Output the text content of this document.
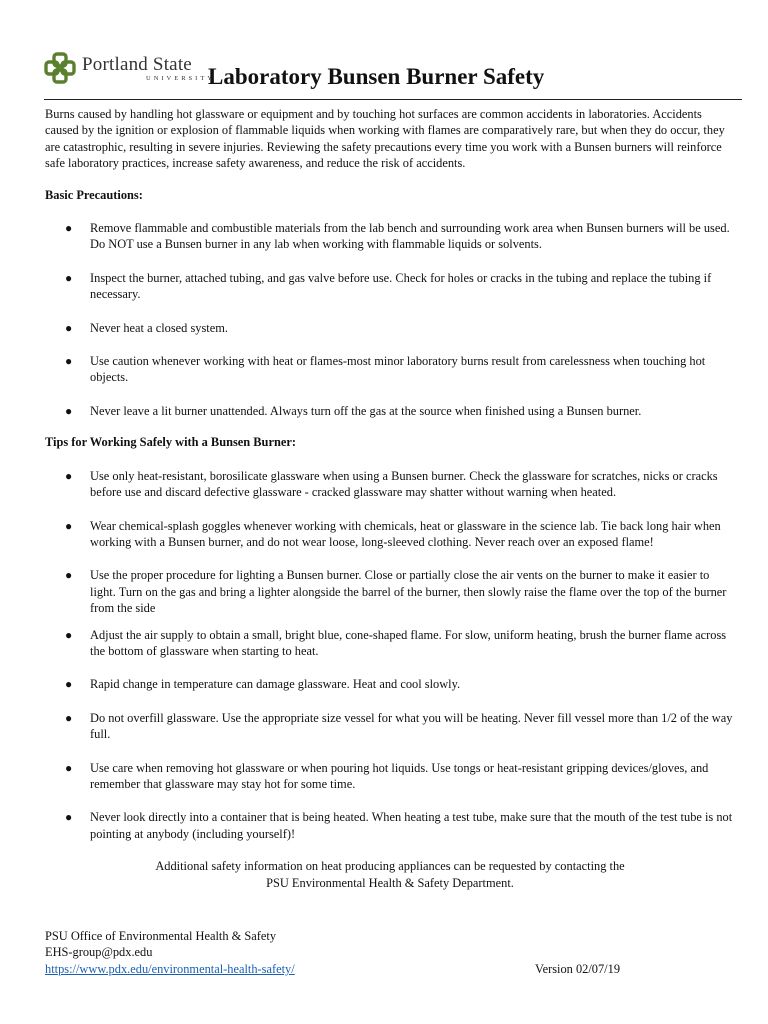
Portland State
UNIVERSITY
Laboratory Bunsen Burner Safety

Burns caused by handling hot glassware or equipment and by touching hot surfaces are common accidents in laboratories. Accidents caused by the ignition or explosion of flammable liquids when working with flames are comparatively rare, but when they do occur, they are catastrophic, resulting in severe injuries. Reviewing the safety precautions every time you work with a Bunsen burners will reinforce safe laboratory practices, increase safety awareness, and reduce the risk of accidents.

Basic Precautions:
● Remove flammable and combustible materials from the lab bench and surrounding work area when Bunsen burners will be used. Do NOT use a Bunsen burner in any lab when working with flammable liquids or solvents.
● Inspect the burner, attached tubing, and gas valve before use. Check for holes or cracks in the tubing and replace the tubing if necessary.
● Never heat a closed system.
● Use caution whenever working with heat or flames-most minor laboratory burns result from carelessness when touching hot objects.
● Never leave a lit burner unattended. Always turn off the gas at the source when finished using a Bunsen burner.
Tips for Working Safely with a Bunsen Burner:
● Use only heat-resistant, borosilicate glassware when using a Bunsen burner. Check the glassware for scratches, nicks or cracks before use and discard defective glassware - cracked glassware may shatter without warning when heated.
● Wear chemical-splash goggles whenever working with chemicals, heat or glassware in the science lab. Tie back long hair when working with a Bunsen burner, and do not wear loose, long-sleeved clothing. Never reach over an exposed flame!
● Use the proper procedure for lighting a Bunsen burner. Close or partially close the air vents on the burner to make it easier to light. Turn on the gas and bring a lighter alongside the barrel of the burner, then slowly raise the flame over the top of the burner from the side
● Adjust the air supply to obtain a small, bright blue, cone-shaped flame. For slow, uniform heating, brush the burner flame across the bottom of glassware when starting to heat.
● Rapid change in temperature can damage glassware. Heat and cool slowly.
● Do not overfill glassware. Use the appropriate size vessel for what you will be heating. Never fill vessel more than 1/2 of the way full.
● Use care when removing hot glassware or when pouring hot liquids. Use tongs or heat-resistant gripping devices/gloves, and remember that glassware may stay hot for some time.
● Never look directly into a container that is being heated. When heating a test tube, make sure that the mouth of the test tube is not pointing at anybody (including yourself)!
Additional safety information on heat producing appliances can be requested by contacting the
PSU Environmental Health & Safety Department.
PSU Office of Environmental Health & Safety
EHS-group@pdx.edu
https://www.pdx.edu/environmental-health-safety/	Version 02/07/19
